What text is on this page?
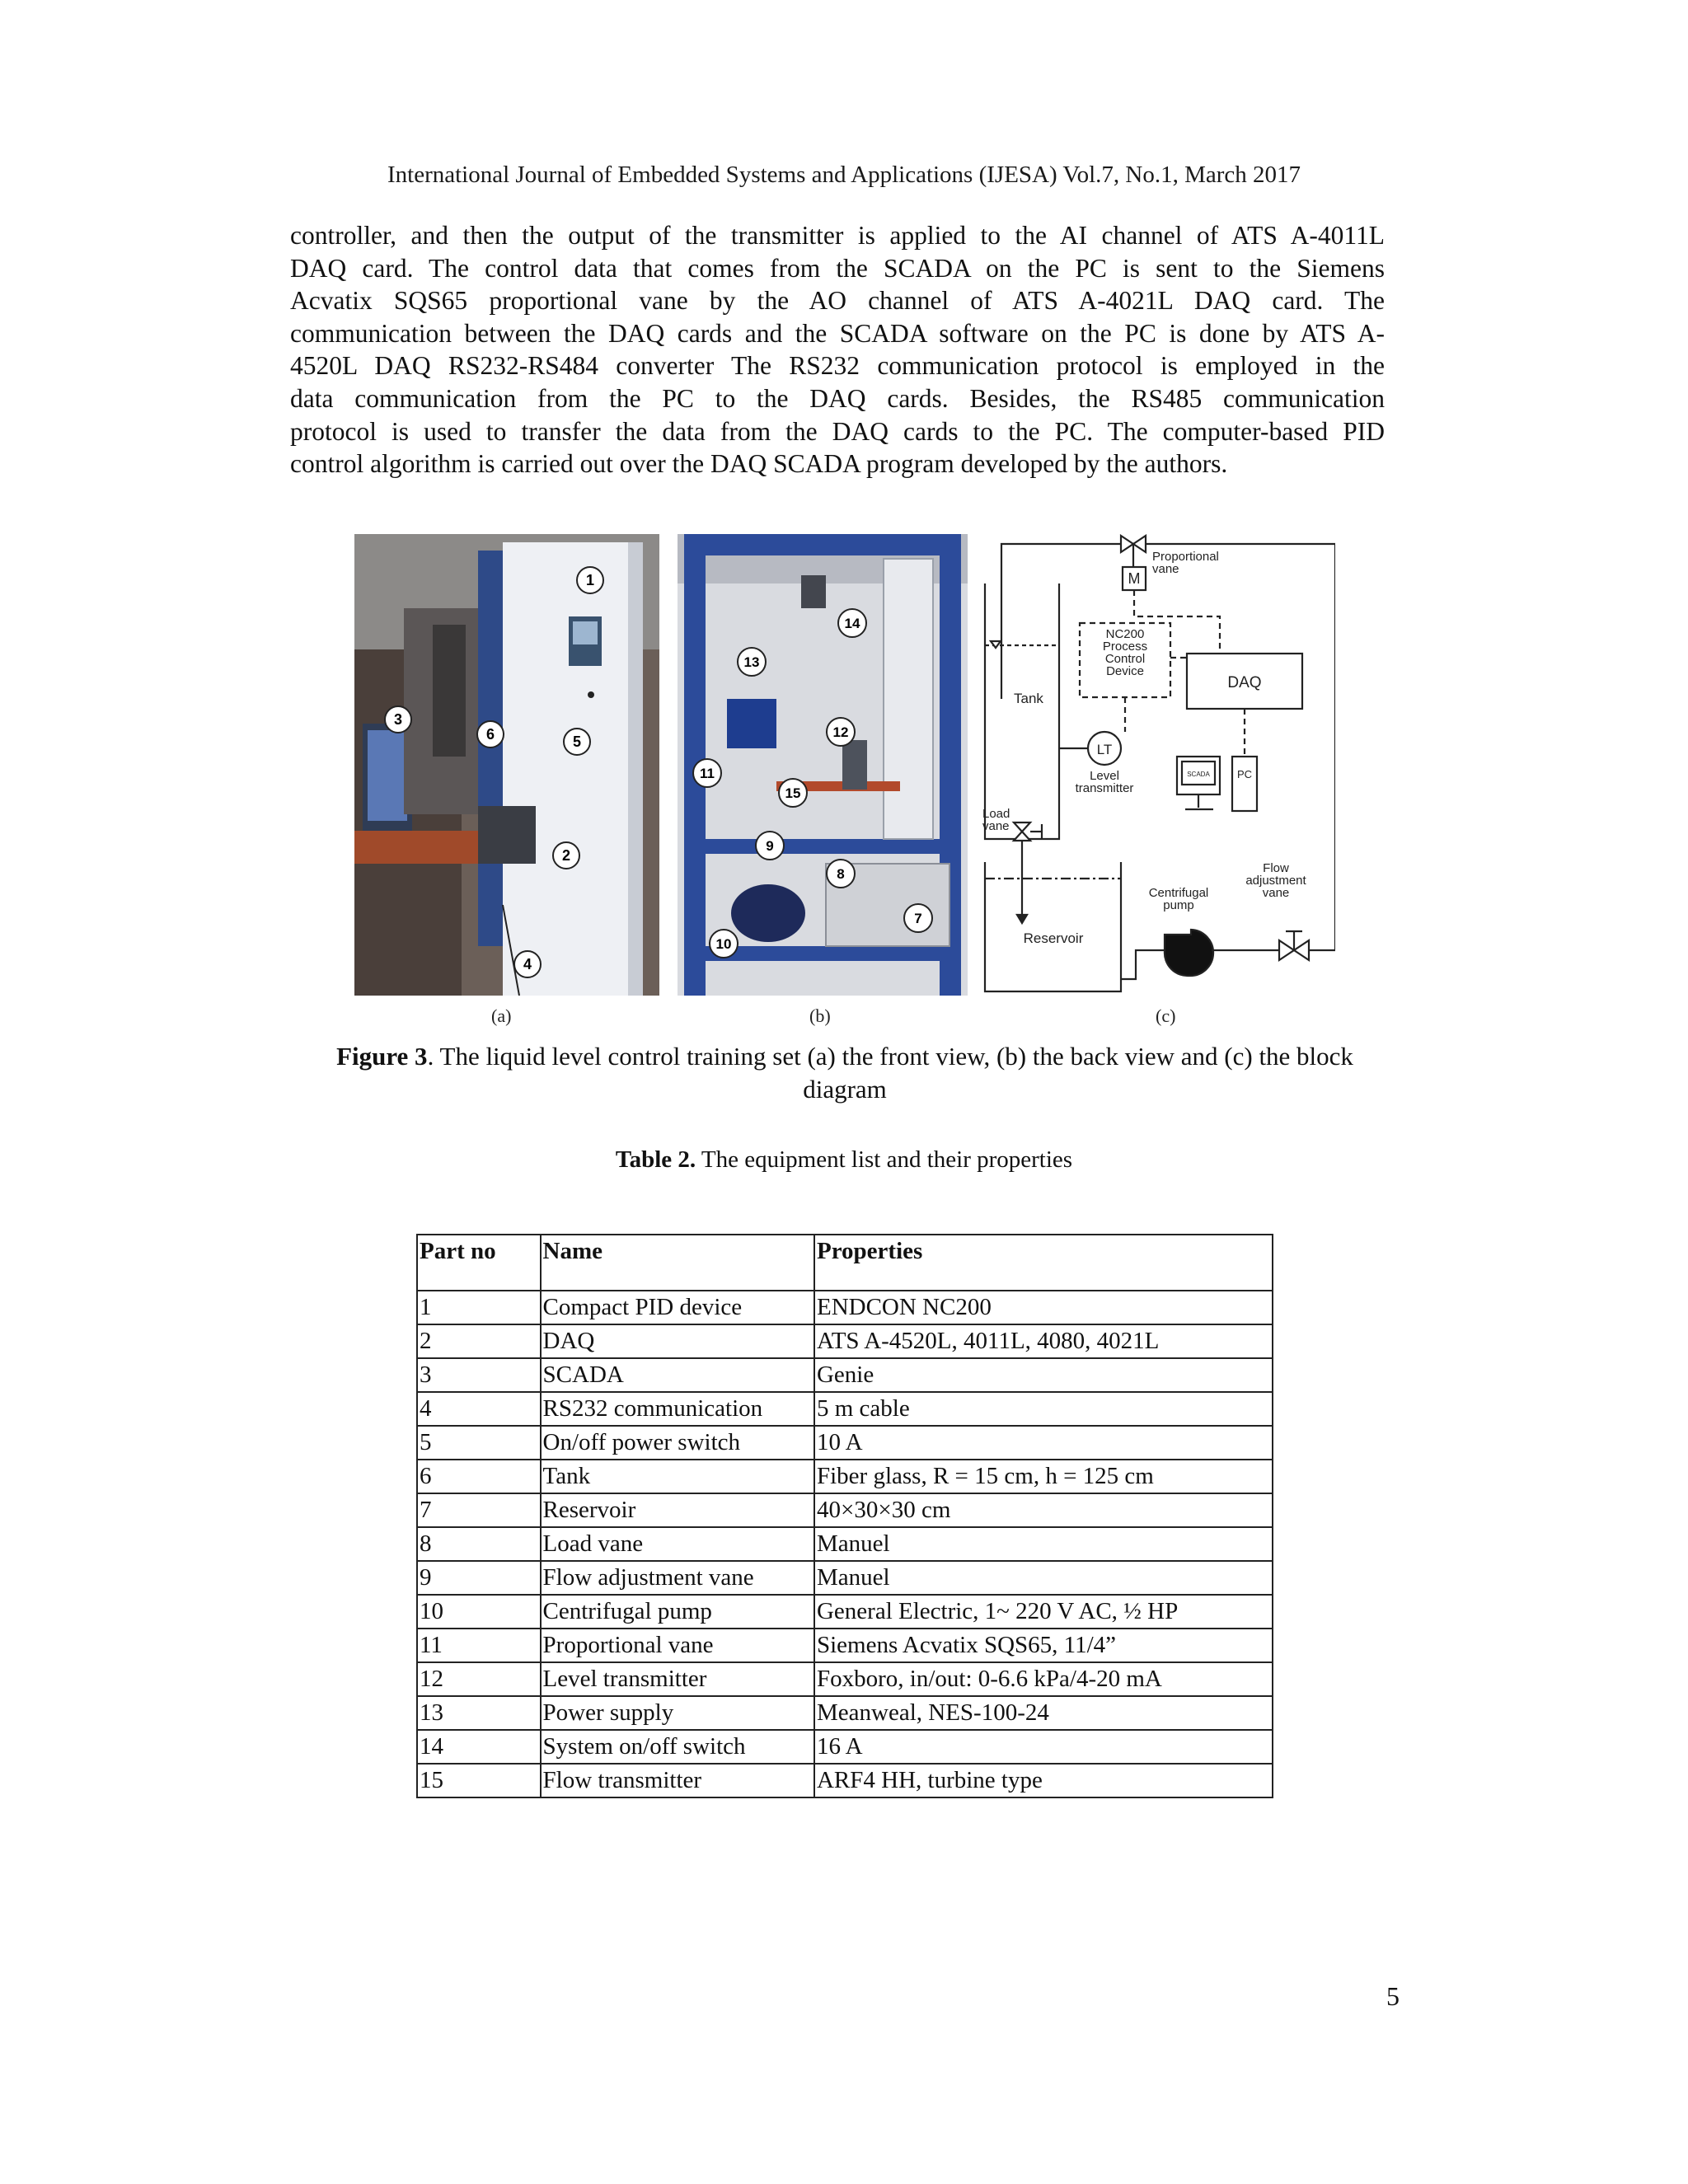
International Journal of Embedded Systems and Applications (IJESA) Vol.7, No.1, March 2017
controller, and then the output of the transmitter is applied to the AI channel of ATS A-4011L
DAQ card. The control data that comes from the SCADA on the PC is sent to the Siemens
Acvatix SQS65 proportional vane by the AO channel of ATS A-4021L DAQ card. The
communication between the DAQ cards and the SCADA software on the PC is done by ATS A-
4520L DAQ RS232-RS484 converter The RS232 communication protocol is employed in the
data communication from the PC to the DAQ cards. Besides, the RS485 communication
protocol is used to transfer the data from the DAQ cards to the PC. The computer-based PID
control algorithm is carried out over the DAQ SCADA program developed by the authors.
1
3
6	5
2
4
(a)
14
13
12
11
15
9
8
7
10
(b)
M
Proportional vane
Tank
NC200 Process Control Device
DAQ
LT
Level transmitter
SCADA	PC
Load vane
Reservoir
Centrifugal pump
Flow adjustment vane
(c)
Figure 3. The liquid level control training set (a) the front view, (b) the back view and (c) the block diagram
Table 2. The equipment list and their properties
Part no	Name	Properties
1	Compact PID device	ENDCON NC200
2	DAQ	ATS A-4520L, 4011L, 4080, 4021L
3	SCADA	Genie
4	RS232 communication	5 m cable
5	On/off power switch	10 A
6	Tank	Fiber glass, R = 15 cm, h = 125 cm
7	Reservoir	40×30×30 cm
8	Load vane	Manuel
9	Flow adjustment vane	Manuel
10	Centrifugal pump	General Electric, 1~ 220 V AC, ½ HP
11	Proportional vane	Siemens Acvatix SQS65, 11/4”
12	Level transmitter	Foxboro, in/out: 0-6.6 kPa/4-20 mA
13	Power supply	Meanweal, NES-100-24
14	System on/off switch	16 A
15	Flow transmitter	ARF4 HH, turbine type
5
